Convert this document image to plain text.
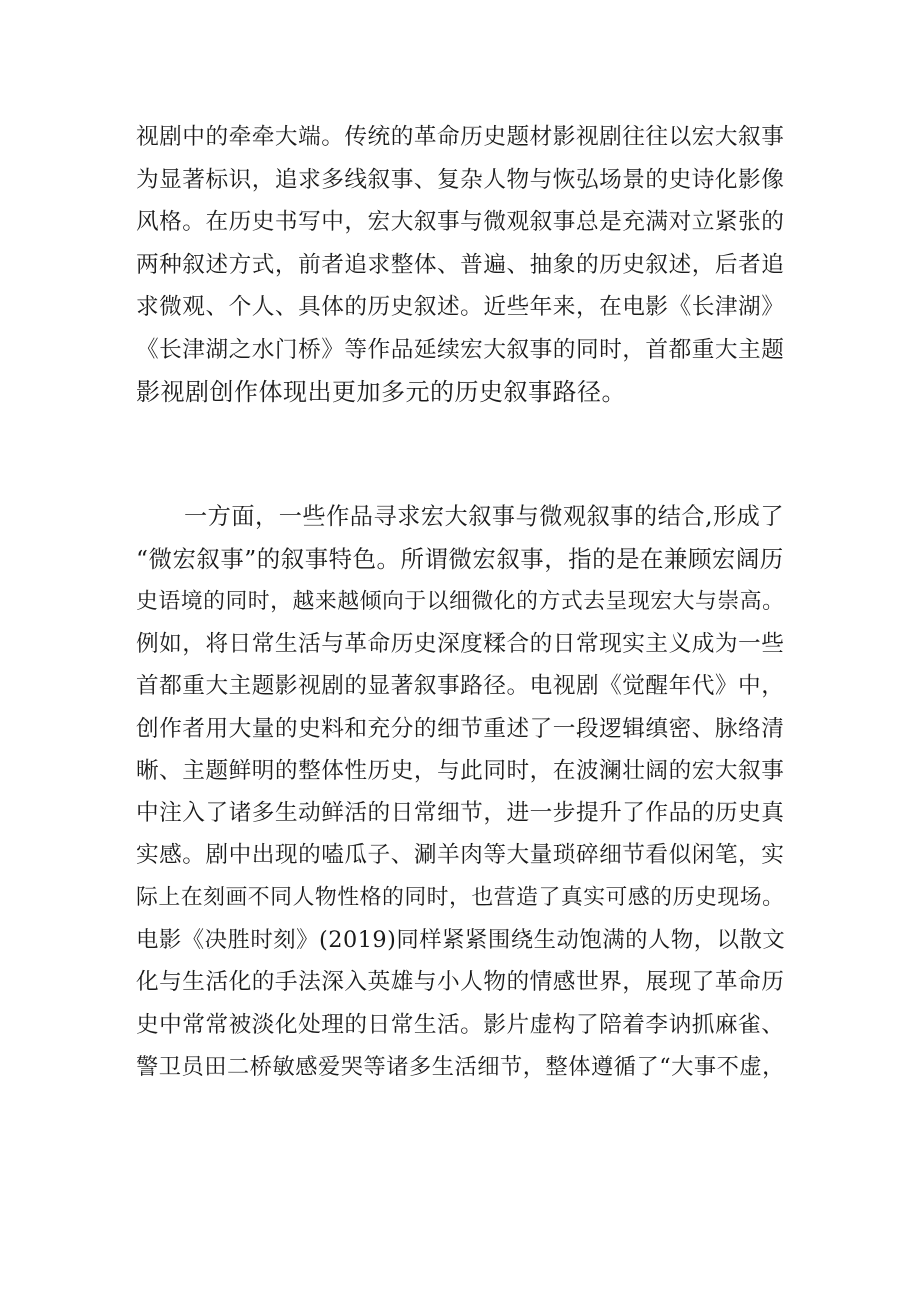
视剧中的牵牵大端。传统的革命历史题材影视剧往往以宏大叙事
为显著标识，追求多线叙事、复杂人物与恢弘场景的史诗化影像
风格。在历史书写中，宏大叙事与微观叙事总是充满对立紧张的
两种叙述方式，前者追求整体、普遍、抽象的历史叙述，后者追
求微观、个人、具体的历史叙述。近些年来，在电影《长津湖》
《长津湖之水门桥》等作品延续宏大叙事的同时，首都重大主题
影视剧创作体现出更加多元的历史叙事路径。
一方面，一些作品寻求宏大叙事与微观叙事的结合,形成了
“微宏叙事”的叙事特色。所谓微宏叙事，指的是在兼顾宏阔历
史语境的同时，越来越倾向于以细微化的方式去呈现宏大与崇高。
例如，将日常生活与革命历史深度糅合的日常现实主义成为一些
首都重大主题影视剧的显著叙事路径。电视剧《觉醒年代》中，
创作者用大量的史料和充分的细节重述了一段逻辑缜密、脉络清
晰、主题鲜明的整体性历史，与此同时，在波澜壮阔的宏大叙事
中注入了诸多生动鲜活的日常细节，进一步提升了作品的历史真
实感。剧中出现的嗑瓜子、涮羊肉等大量琐碎细节看似闲笔，实
际上在刻画不同人物性格的同时，也营造了真实可感的历史现场。
电影《决胜时刻》(2019)同样紧紧围绕生动饱满的人物，以散文
化与生活化的手法深入英雄与小人物的情感世界，展现了革命历
史中常常被淡化处理的日常生活。影片虚构了陪着李讷抓麻雀、
警卫员田二桥敏感爱哭等诸多生活细节，整体遵循了“大事不虚，
